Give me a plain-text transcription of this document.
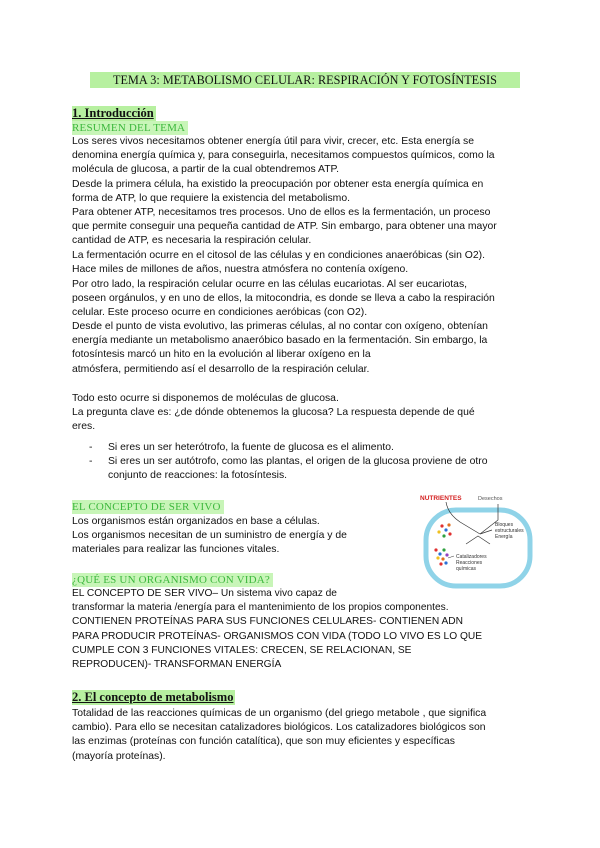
TEMA 3: METABOLISMO CELULAR: RESPIRACIÓN Y FOTOSÍNTESIS
1. Introducción
RESUMEN DEL TEMA
Los seres vivos necesitamos obtener energía útil para vivir, crecer, etc. Esta energía se
denomina energía química y, para conseguirla, necesitamos compuestos químicos, como la
molécula de glucosa, a partir de la cual obtendremos ATP.
Desde la primera célula, ha existido la preocupación por obtener esta energía química en
forma de ATP, lo que requiere la existencia del metabolismo.
Para obtener ATP, necesitamos tres procesos. Uno de ellos es la fermentación, un proceso
que permite conseguir una pequeña cantidad de ATP. Sin embargo, para obtener una mayor
cantidad de ATP, es necesaria la respiración celular.
La fermentación ocurre en el citosol de las células y en condiciones anaeróbicas (sin O2).
Hace miles de millones de años, nuestra atmósfera no contenía oxígeno.
Por otro lado, la respiración celular ocurre en las células eucariotas. Al ser eucariotas,
poseen orgánulos, y en uno de ellos, la mitocondria, es donde se lleva a cabo la respiración
celular. Este proceso ocurre en condiciones aeróbicas (con O2).
Desde el punto de vista evolutivo, las primeras células, al no contar con oxígeno, obtenían
energía mediante un metabolismo anaeróbico basado en la fermentación. Sin embargo, la
fotosíntesis marcó un hito en la evolución al liberar oxígeno en la
atmósfera, permitiendo así el desarrollo de la respiración celular.
Todo esto ocurre si disponemos de moléculas de glucosa.
La pregunta clave es: ¿de dónde obtenemos la glucosa? La respuesta depende de qué
eres.
- Si eres un ser heterótrofo, la fuente de glucosa es el alimento.
- Si eres un ser autótrofo, como las plantas, el origen de la glucosa proviene de otro
conjunto de reacciones: la fotosíntesis.
EL CONCEPTO DE SER VIVO
Los organismos están organizados en base a células.
Los organismos necesitan de un suministro de energía y de
materiales para realizar las funciones vitales.
¿QUÉ ES UN ORGANISMO CON VIDA?
EL CONCEPTO DE SER VIVO– Un sistema vivo capaz de
transformar la materia /energía para el mantenimiento de los propios componentes.
CONTIENEN PROTEÍNAS PARA SUS FUNCIONES CELULARES- CONTIENEN ADN
PARA PRODUCIR PROTEÍNAS- ORGANISMOS CON VIDA (TODO LO VIVO ES LO QUE
CUMPLE CON 3 FUNCIONES VITALES: CRECEN, SE RELACIONAN, SE
REPRODUCEN)- TRANSFORMAN ENERGÍA
NUTRIENTES	Desechos
Bloques
estructurales
Energía
Catalizadores
Reacciones
químicas
2. El concepto de metabolismo
Totalidad de las reacciones químicas de un organismo (del griego metabole , que significa
cambio). Para ello se necesitan catalizadores biológicos. Los catalizadores biológicos son
las enzimas (proteínas con función catalítica), que son muy eficientes y específicas
(mayoría proteínas).
